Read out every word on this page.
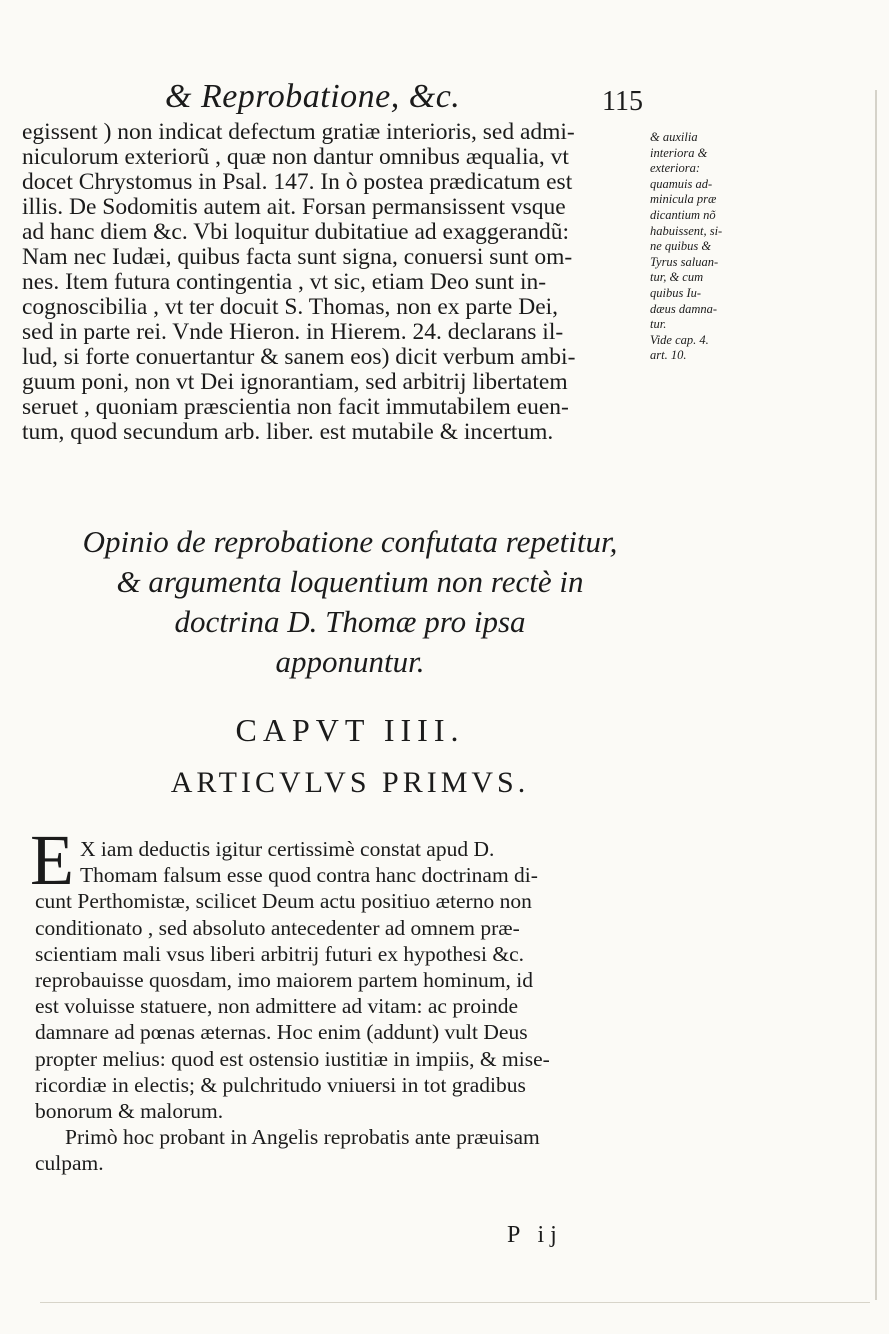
& Reprobatione, &c.	115
egissent ) non indicat defectum gratiæ interioris, sed admi-
niculorum exteriorũ , quæ non dantur omnibus æqualia, vt
docet Chrystomus in Psal. 147. In ò postea prædicatum est
illis. De Sodomitis autem ait. Forsan permansissent vsque
ad hanc diem &c. Vbi loquitur dubitatiue ad exaggerandũ:
Nam nec Iudæi, quibus facta sunt signa, conuersi sunt om-
nes. Item futura contingentia , vt sic, etiam Deo sunt in-
cognoscibilia , vt ter docuit S. Thomas, non ex parte Dei,
sed in parte rei. Vnde Hieron. in Hierem. 24. declarans il-
lud, si forte conuertantur & sanem eos) dicit verbum ambi-
guum poni, non vt Dei ignorantiam, sed arbitrij libertatem
seruet , quoniam præscientia non facit immutabilem euen-
tum, quod secundum arb. liber. est mutabile & incertum.
& auxilia
interiora &
exteriora:
quamuis ad-
minicula præ
dicantium nõ
habuissent, si-
ne quibus &
Tyrus saluan-
tur, & cum
quibus Iu-
dæus damna-
tur.
Vide cap. 4.
art. 10.
Opinio de reprobatione confutata repetitur,
& argumenta loquentium non rectè in
doctrina D. Thomæ pro ipsa
apponuntur.
CAPVT IIII.
ARTICVLVS PRIMVS.
E X iam deductis igitur certissimè constat apud D.
Thomam falsum esse quod contra hanc doctrinam di-
cunt Perthomistæ, scilicet Deum actu positiuo æterno non
conditionato , sed absoluto antecedenter ad omnem præ-
scientiam mali vsus liberi arbitrij futuri ex hypothesi &c.
reprobauisse quosdam, imo maiorem partem hominum, id
est voluisse statuere, non admittere ad vitam: ac proinde
damnare ad pœnas æternas. Hoc enim (addunt) vult Deus
propter melius: quod est ostensio iustitiæ in impiis, & mise-
ricordiæ in electis; & pulchritudo vniuersi in tot gradibus
bonorum & malorum.
Primò hoc probant in Angelis reprobatis ante præuisam
culpam.
P ij
